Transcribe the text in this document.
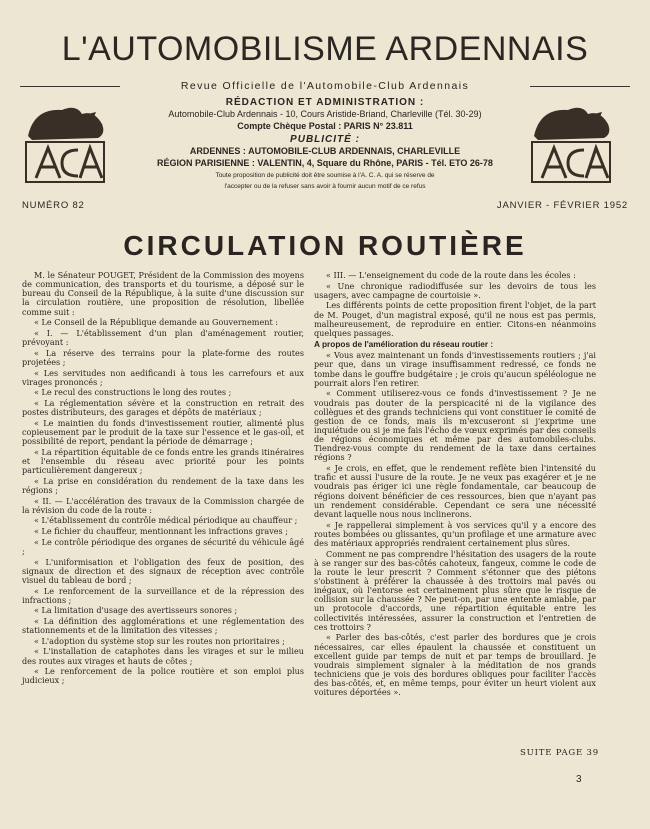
L'AUTOMOBILISME ARDENNAIS
Revue Officielle de l'Automobile-Club Ardennais
RÉDACTION ET ADMINISTRATION :
Automobile-Club Ardennais - 10, Cours Aristide-Briand, Charleville (Tél. 30-29)
Compte Chèque Postal : PARIS N° 23.811
PUBLICITÉ :
ARDENNES : AUTOMOBILE-CLUB ARDENNAIS, CHARLEVILLE
RÉGION PARISIENNE : VALENTIN, 4, Square du Rhône, PARIS - Tél. ETO 26-78
Toute proposition de publicité doit être soumise à l'A. C. A. qui se réserve de
l'accepter ou de la refuser sans avoir à fournir aucun motif de ce refus
NUMÉRO 82	JANVIER - FÉVRIER 1952
CIRCULATION ROUTIÈRE

M. le Sénateur POUGET, Président de la Commission des moyens de communication, des transports et du tourisme, a déposé sur le bureau du Conseil de la République, à la suite d'une discussion sur la circulation routière, une proposition de résolution, libellée comme suit :

« Le Conseil de la République demande au Gouvernement :

« I. — L'établissement d'un plan d'aménagement routier, prévoyant :

« La réserve des terrains pour la plate-forme des routes projetées ;

« Les servitudes non aedificandi à tous les carrefours et aux virages prononcés ;

« Le recul des constructions le long des routes ;

« La réglementation sévère et la construction en retrait des postes distributeurs, des garages et dépôts de matériaux ;

« Le maintien du fonds d'investissement routier, alimenté plus copieusement par le produit de la taxe sur l'essence et le gas-oil, et possibilité de report, pendant la période de démarrage ;

« La répartition équitable de ce fonds entre les grands itinéraires et l'ensemble du réseau avec priorité pour les points particulièrement dangereux ;

« La prise en considération du rendement de la taxe dans les régions ;

« II. — L'accélération des travaux de la Commission chargée de la révision du code de la route :

« L'établissement du contrôle médical périodique au chauffeur ;

« Le fichier du chauffeur, mentionnant les infractions graves ;

« Le contrôle périodique des organes de sécurité du véhicule âgé ;

« L'uniformisation et l'obligation des feux de position, des signaux de direction et des signaux de réception avec contrôle visuel du tableau de bord ;

« Le renforcement de la surveillance et de la répression des infractions ;

« La limitation d'usage des avertisseurs sonores ;

« La définition des agglomérations et une réglementation des stationnements et de la limitation des vitesses ;

« L'adoption du système stop sur les routes non prioritaires ;

« L'installation de cataphotes dans les virages et sur le milieu des routes aux virages et hauts de côtes ;

« Le renforcement de la police routière et son emploi plus judicieux ;

« III. — L'enseignement du code de la route dans les écoles :

« Une chronique radiodiffusée sur les devoirs de tous les usagers, avec campagne de courtoisie ».

Les différents points de cette proposition firent l'objet, de la part de M. Pouget, d'un magistral exposé, qu'il ne nous est pas permis, malheureusement, de reproduire en entier. Citons-en néanmoins quelques passages.

A propos de l'amélioration du réseau routier :

« Vous avez maintenant un fonds d'investissements routiers ; j'ai peur que, dans un virage insuffisamment redressé, ce fonds ne tombe dans le gouffre budgétaire ; je crois qu'aucun spéléologue ne pourrait alors l'en retirer.

« Comment utiliserez-vous ce fonds d'investissement ? Je ne voudrais pas douter de la perspicacité ni de la vigilance des collègues et des grands techniciens qui vont constituer le comité de gestion de ce fonds, mais ils m'excuseront si j'exprime une inquiétude ou si je me fais l'écho de vœux exprimés par des conseils de régions économiques et même par des automobiles-clubs. Tiendrez-vous compte du rendement de la taxe dans certaines régions ?

« Je crois, en effet, que le rendement reflète bien l'intensité du trafic et aussi l'usure de la route. Je ne veux pas exagérer et je ne voudrais pas ériger ici une règle fondamentale, car beaucoup de régions doivent bénéficier de ces ressources, bien que n'ayant pas un rendement considérable. Cependant ce sera une nécessité devant laquelle nous nous inclinerons.

« Je rappellerai simplement à vos services qu'il y a encore des routes bombées ou glissantes, qu'un profilage et une armature avec des matériaux appropriés rendraient certainement plus sûres.

Comment ne pas comprendre l'hésitation des usagers de la route à se ranger sur des bas-côtés cahoteux, fangeux, comme le code de la route le leur prescrit ? Comment s'étonner que des piétons s'obstinent à préférer la chaussée à des trottoirs mal pavés ou inégaux, où l'entorse est certainement plus sûre que le risque de collision sur la chaussée ? Ne peut-on, par une entente amiable, par un protocole d'accords, une répartition équitable entre les collectivités intéressées, assurer la construction et l'entretien de ces trottoirs ?

« Parler des bas-côtés, c'est parler des bordures que je crois nécessaires, car elles épaulent la chaussée et constituent un excellent guide par temps de nuit et par temps de brouillard. Je voudrais simplement signaler à la méditation de nos grands techniciens que je vois des bordures obliques pour faciliter l'accès des bas-côtés, et, en même temps, pour éviter un heurt violent aux voitures déportées ».

SUITE PAGE 39
3
